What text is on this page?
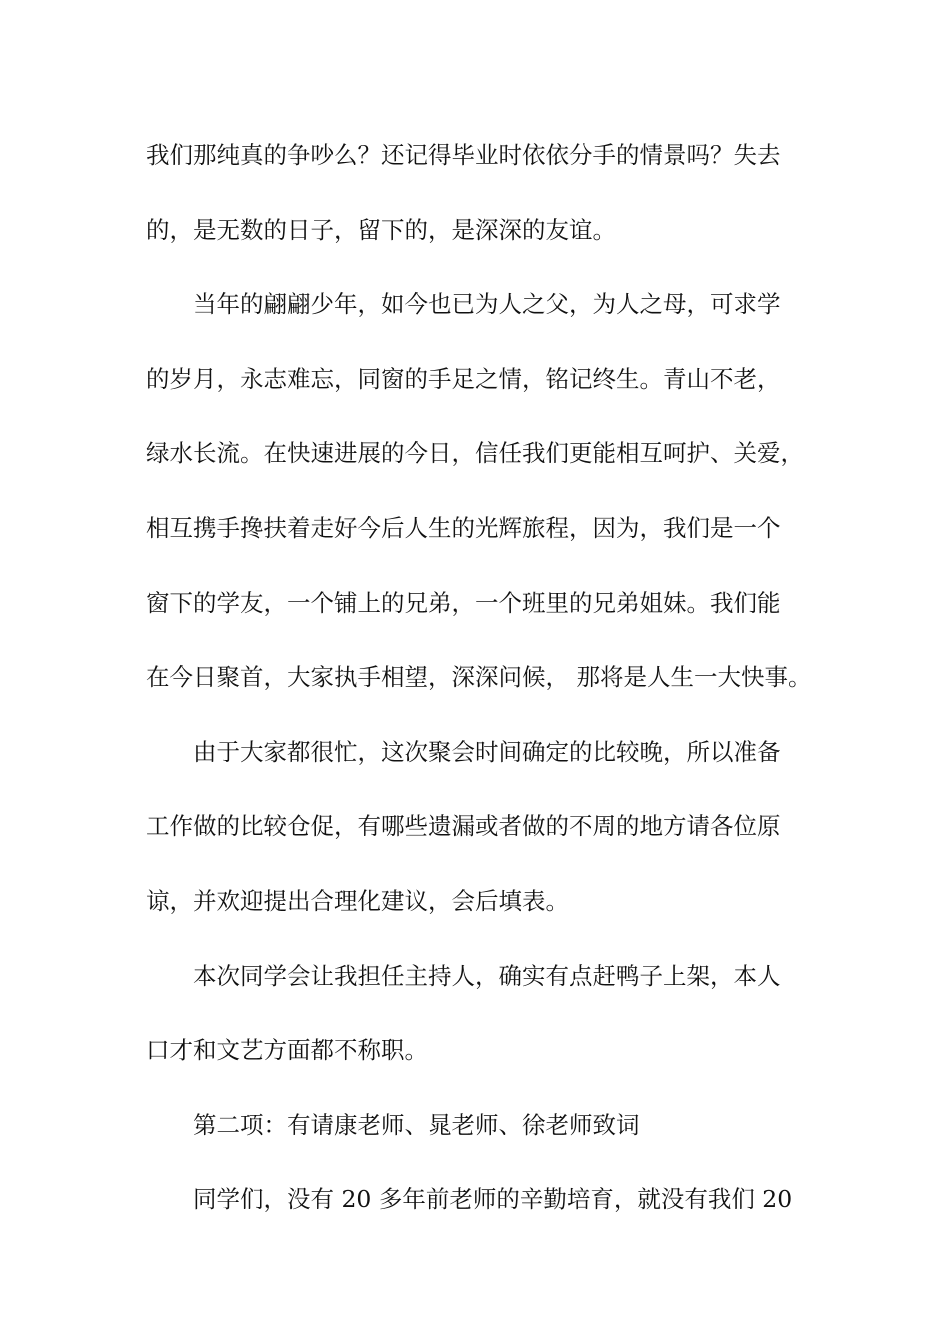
我们那纯真的争吵么？还记得毕业时依依分手的情景吗？失去
的，是无数的日子，留下的，是深深的友谊。
当年的翩翩少年，如今也已为人之父，为人之母，可求学
的岁月，永志难忘，同窗的手足之情，铭记终生。青山不老，
绿水长流。在快速进展的今日，信任我们更能相互呵护、关爱，
相互携手搀扶着走好今后人生的光辉旅程，因为，我们是一个
窗下的学友，一个铺上的兄弟，一个班里的兄弟姐妹。我们能
在今日聚首，大家执手相望，深深问候， 那将是人生一大快事。
由于大家都很忙，这次聚会时间确定的比较晚，所以准备
工作做的比较仓促，有哪些遗漏或者做的不周的地方请各位原
谅，并欢迎提出合理化建议，会后填表。
本次同学会让我担任主持人，确实有点赶鸭子上架，本人
口才和文艺方面都不称职。
第二项：有请康老师、晁老师、徐老师致词
同学们，没有 20 多年前老师的辛勤培育，就没有我们 20
